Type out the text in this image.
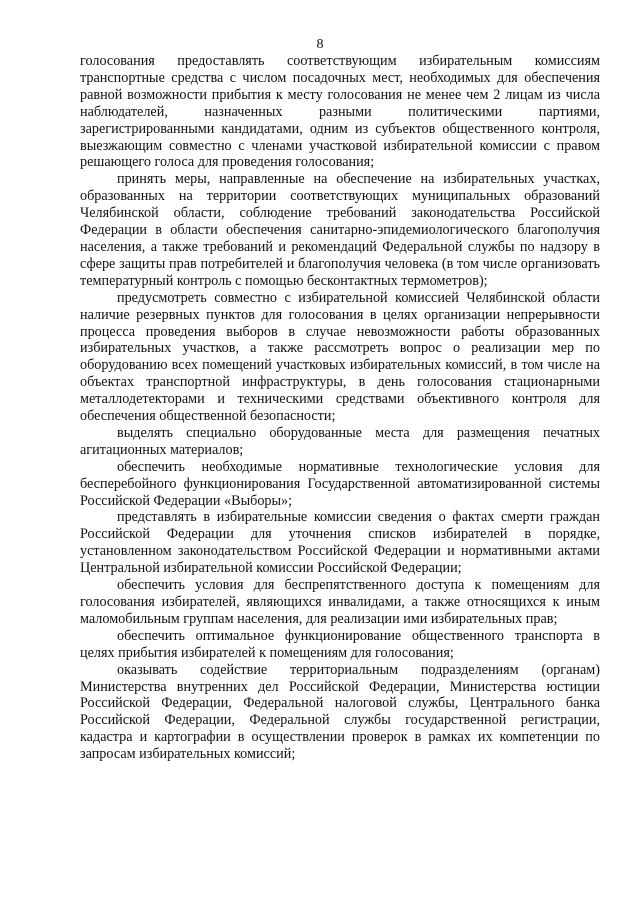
8

голосования предоставлять соответствующим избирательным комиссиям транспортные средства с числом посадочных мест, необходимых для обеспечения равной возможности прибытия к месту голосования не менее чем 2 лицам из числа наблюдателей, назначенных разными политическими партиями, зарегистрированными кандидатами, одним из субъектов общественного контроля, выезжающим совместно с членами участковой избирательной комиссии с правом решающего голоса для проведения голосования;

принять меры, направленные на обеспечение на избирательных участках, образованных на территории соответствующих муниципальных образований Челябинской области, соблюдение требований законодательства Российской Федерации в области обеспечения санитарно-эпидемиологического благополучия населения, а также требований и рекомендаций Федеральной службы по надзору в сфере защиты прав потребителей и благополучия человека (в том числе организовать температурный контроль с помощью бесконтактных термометров);

предусмотреть совместно с избирательной комиссией Челябинской области наличие резервных пунктов для голосования в целях организации непрерывности процесса проведения выборов в случае невозможности работы образованных избирательных участков, а также рассмотреть вопрос о реализации мер по оборудованию всех помещений участковых избирательных комиссий, в том числе на объектах транспортной инфраструктуры, в день голосования стационарными металлодетекторами и техническими средствами объективного контроля для обеспечения общественной безопасности;

выделять специально оборудованные места для размещения печатных агитационных материалов;

обеспечить необходимые нормативные технологические условия для бесперебойного функционирования Государственной автоматизированной системы Российской Федерации «Выборы»;

представлять в избирательные комиссии сведения о фактах смерти граждан Российской Федерации для уточнения списков избирателей в порядке, установленном законодательством Российской Федерации и нормативными актами Центральной избирательной комиссии Российской Федерации;

обеспечить условия для беспрепятственного доступа к помещениям для голосования избирателей, являющихся инвалидами, а также относящихся к иным маломобильным группам населения, для реализации ими избирательных прав;

обеспечить оптимальное функционирование общественного транспорта в целях прибытия избирателей к помещениям для голосования;

оказывать содействие территориальным подразделениям (органам) Министерства внутренних дел Российской Федерации, Министерства юстиции Российской Федерации, Федеральной налоговой службы, Центрального банка Российской Федерации, Федеральной службы государственной регистрации, кадастра и картографии в осуществлении проверок в рамках их компетенции по запросам избирательных комиссий;
